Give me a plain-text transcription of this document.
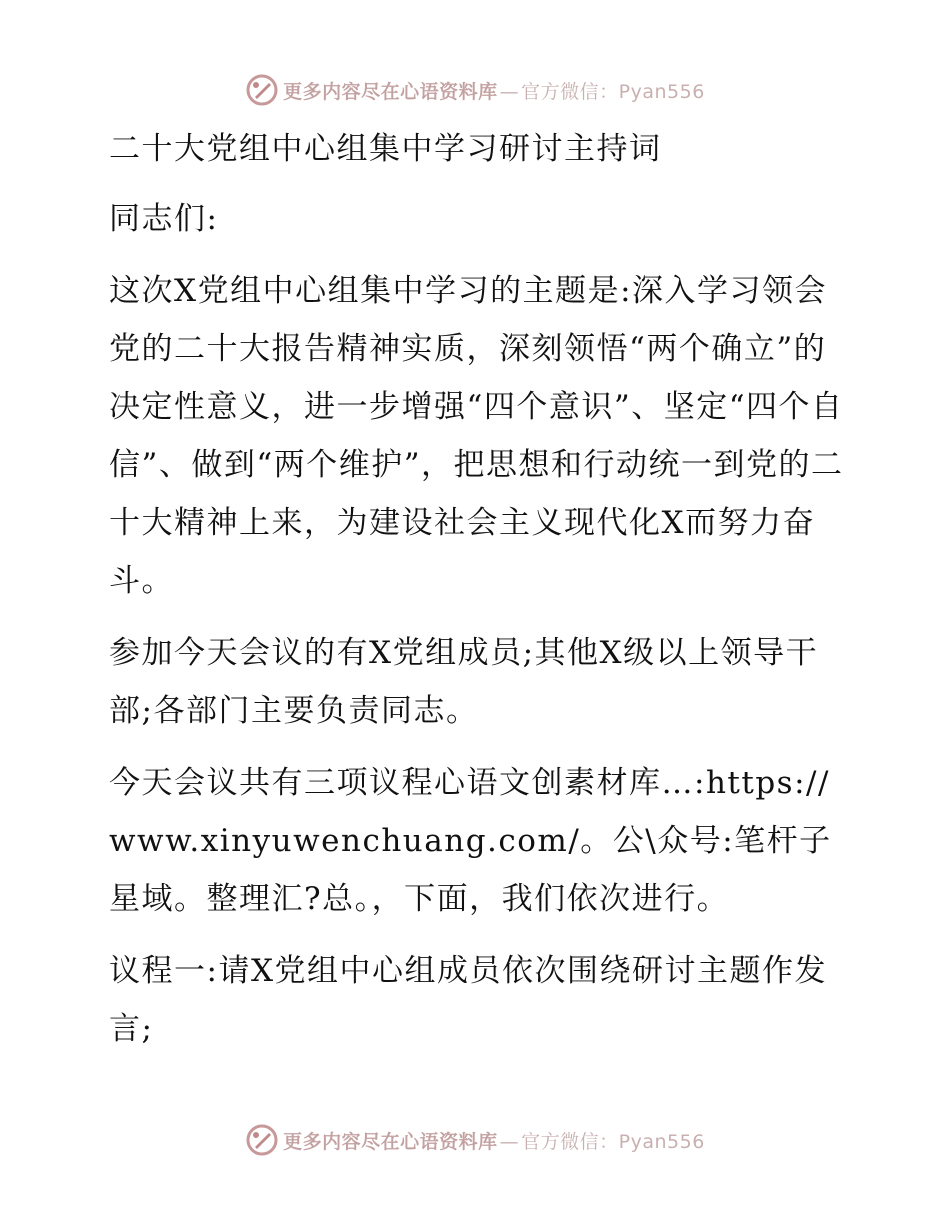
更多内容尽在心语资料库 — 官方微信：Pyan556

二十大党组中心组集中学习研讨主持词

同志们:

这次X党组中心组集中学习的主题是:深入学习领会党的二十大报告精神实质，深刻领悟“两个确立”的决定性意义，进一步增强“四个意识”、坚定“四个自信”、做到“两个维护”，把思想和行动统一到党的二十大精神上来，为建设社会主义现代化X而努力奋斗。

参加今天会议的有X党组成员;其他X级以上领导干部;各部门主要负责同志。

今天会议共有三项议程心语文创素材库…:https://www.xinyuwenchuang.com/。公\众号:笔杆子星域。整理汇?总。，下面，我们依次进行。

议程一:请X党组中心组成员依次围绕研讨主题作发言;

更多内容尽在心语资料库 — 官方微信：Pyan556
